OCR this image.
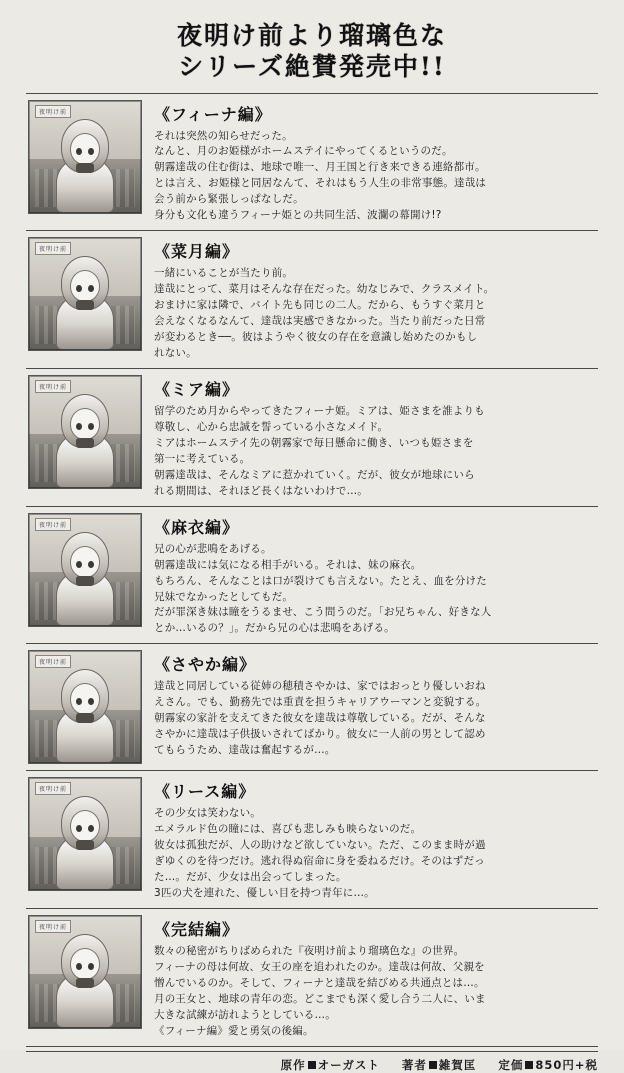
夜明け前より瑠璃色な
シリーズ絶賛発売中!!
夜明け前	《フィーナ編》

それは突然の知らせだった。

なんと、月のお姫様がホームステイにやってくるというのだ。

朝霧達哉の住む街は、地球で唯一、月王国と行き来できる連絡都市。

とは言え、お姫様と同居なんて、それはもう人生の非常事態。達哉は

会う前から緊張しっぱなしだ。

身分も文化も違うフィーナ姫との共同生活、波瀾の幕開け!?

夜明け前	《菜月編》

一緒にいることが当たり前。

達哉にとって、菜月はそんな存在だった。幼なじみで、クラスメイト。

おまけに家は隣で、バイト先も同じの二人。だから、もうすぐ菜月と

会えなくなるなんて、達哉は実感できなかった。当たり前だった日常

が変わるとき──。彼はようやく彼女の存在を意識し始めたのかもし

れない。

夜明け前	《ミア編》

留学のため月からやってきたフィーナ姫。ミアは、姫さまを誰よりも

尊敬し、心から忠誠を誓っている小さなメイド。

ミアはホームステイ先の朝霧家で毎日懸命に働き、いつも姫さまを

第一に考えている。

朝霧達哉は、そんなミアに惹かれていく。だが、彼女が地球にいら

れる期間は、それほど長くはないわけで…。

夜明け前	《麻衣編》

兄の心が悲鳴をあげる。

朝霧達哉には気になる相手がいる。それは、妹の麻衣。

もちろん、そんなことは口が裂けても言えない。たとえ、血を分けた

兄妹でなかったとしてもだ。

だが罪深き妹は瞳をうるませ、こう問うのだ。「お兄ちゃん、好きな人

とか…いるの？」。だから兄の心は悲鳴をあげる。

夜明け前	《さやか編》

達哉と同居している従姉の穂積さやかは、家ではおっとり優しいおね

えさん。でも、勤務先では重責を担うキャリアウーマンと変貌する。

朝霧家の家計を支えてきた彼女を達哉は尊敬している。だが、そんな

さやかに達哉は子供扱いされてばかり。彼女に一人前の男として認め

てもらうため、達哉は奮起するが…。

夜明け前	《リース編》

その少女は笑わない。

エメラルド色の瞳には、喜びも悲しみも映らないのだ。

彼女は孤独だが、人の助けなど欲していない。ただ、このまま時が過

ぎゆくのを待つだけ。逃れ得ぬ宿命に身を委ねるだけ。そのはずだっ

た…。だが、少女は出会ってしまった。

3匹の犬を連れた、優しい目を持つ青年に…。

夜明け前	《完結編》

数々の秘密がちりばめられた『夜明け前より瑠璃色な』の世界。

フィーナの母は何故、女王の座を追われたのか。達哉は何故、父親を

憎んでいるのか。そして、フィーナと達哉を結びめる共通点とは…。

月の王女と、地球の青年の恋。どこまでも深く愛し合う二人に、いま

大きな試練が訪れようとしている…。

《フィーナ編》愛と勇気の後編。

原作 オーガスト 著者 雑賀匡 定価 850円+税
